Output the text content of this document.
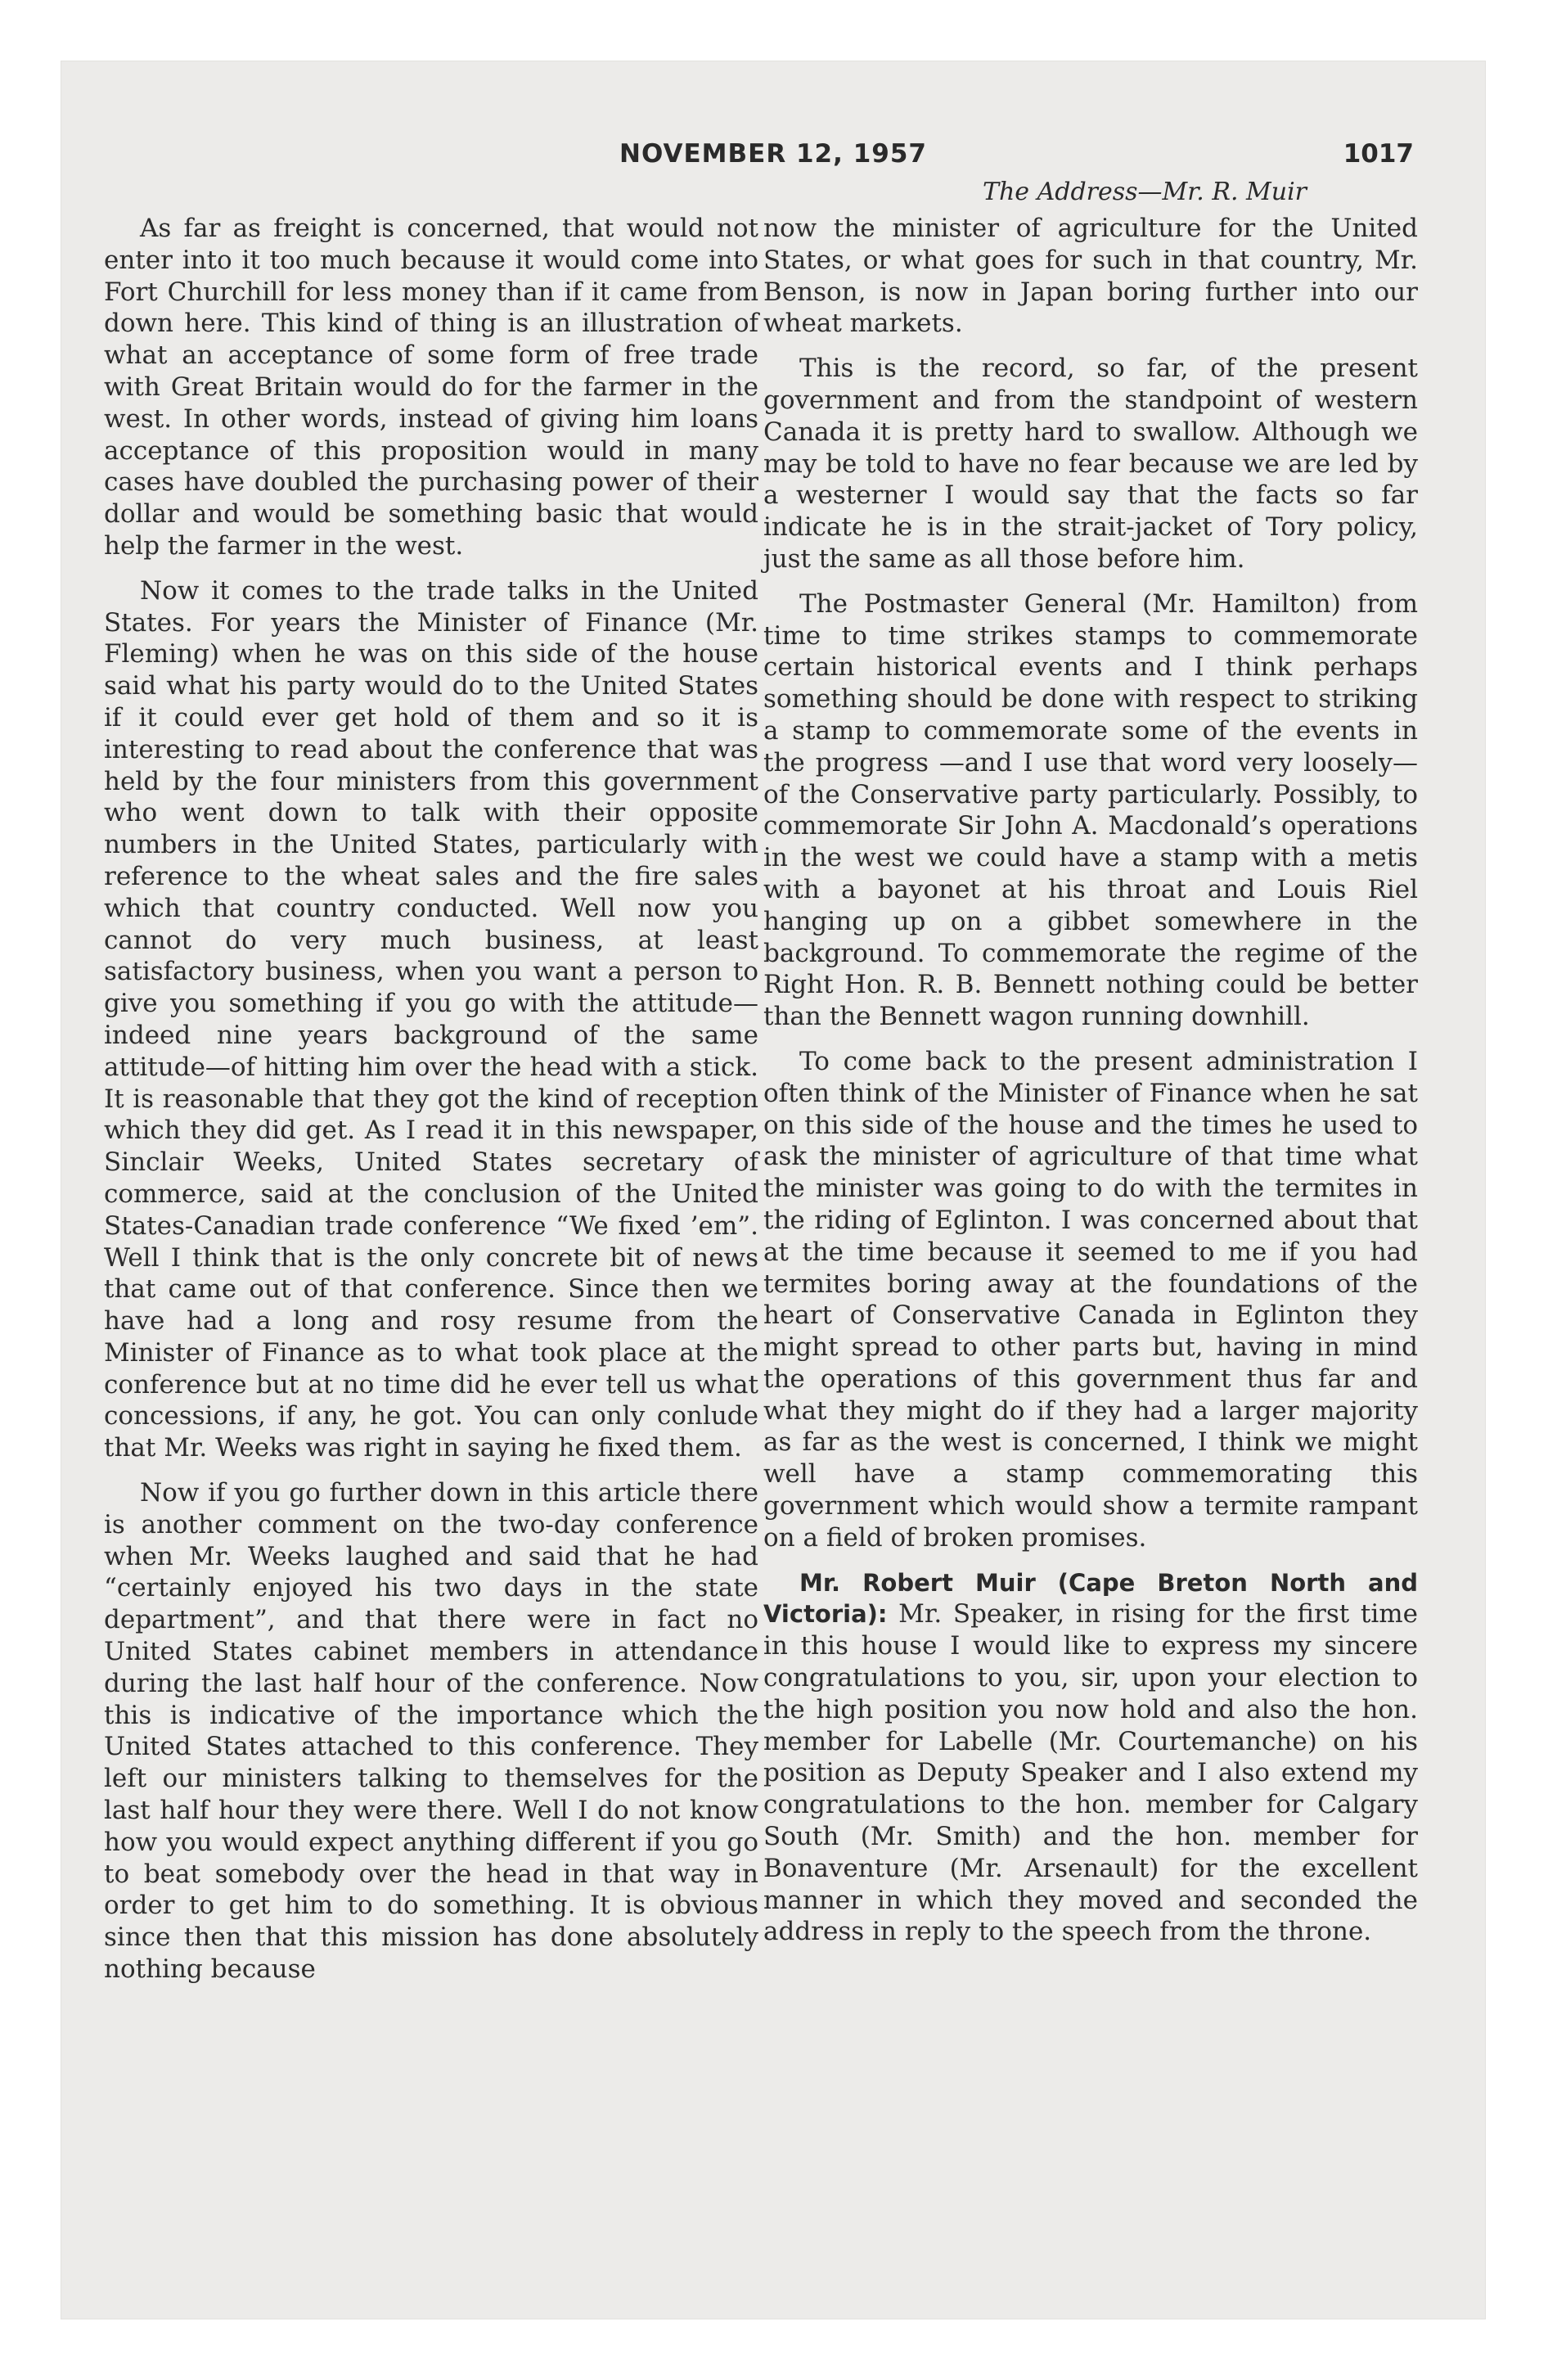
NOVEMBER 12, 1957	1017
The Address—Mr. R. Muir

As far as freight is concerned, that would not enter into it too much because it would come into Fort Churchill for less money than if it came from down here. This kind of thing is an illustration of what an acceptance of some form of free trade with Great Britain would do for the farmer in the west. In other words, instead of giving him loans acceptance of this proposition would in many cases have doubled the purchasing power of their dollar and would be something basic that would help the farmer in the west.

Now it comes to the trade talks in the United States. For years the Minister of Finance (Mr. Fleming) when he was on this side of the house said what his party would do to the United States if it could ever get hold of them and so it is interesting to read about the conference that was held by the four ministers from this government who went down to talk with their opposite numbers in the United States, particularly with reference to the wheat sales and the fire sales which that country conducted. Well now you cannot do very much business, at least satisfactory business, when you want a person to give you something if you go with the attitude—indeed nine years background of the same attitude—of hitting him over the head with a stick. It is reasonable that they got the kind of reception which they did get. As I read it in this newspaper, Sinclair Weeks, United States secretary of commerce, said at the conclusion of the United States-Canadian trade conference “We fixed ’em”. Well I think that is the only concrete bit of news that came out of that conference. Since then we have had a long and rosy resume from the Minister of Finance as to what took place at the conference but at no time did he ever tell us what concessions, if any, he got. You can only conlude that Mr. Weeks was right in saying he fixed them.

Now if you go further down in this article there is another comment on the two-day conference when Mr. Weeks laughed and said that he had “certainly enjoyed his two days in the state department”, and that there were in fact no United States cabinet members in attendance during the last half hour of the conference. Now this is indicative of the importance which the United States attached to this conference. They left our ministers talking to themselves for the last half hour they were there. Well I do not know how you would expect anything different if you go to beat somebody over the head in that way in order to get him to do something. It is obvious since then that this mission has done absolutely nothing because

now the minister of agriculture for the United States, or what goes for such in that country, Mr. Benson, is now in Japan boring further into our wheat markets.

This is the record, so far, of the present government and from the standpoint of western Canada it is pretty hard to swallow. Although we may be told to have no fear because we are led by a westerner I would say that the facts so far indicate he is in the strait-jacket of Tory policy, just the same as all those before him.

The Postmaster General (Mr. Hamilton) from time to time strikes stamps to commemorate certain historical events and I think perhaps something should be done with respect to striking a stamp to commemorate some of the events in the progress —and I use that word very loosely—of the Conservative party particularly. Possibly, to commemorate Sir John A. Macdonald’s operations in the west we could have a stamp with a metis with a bayonet at his throat and Louis Riel hanging up on a gibbet somewhere in the background. To commemorate the regime of the Right Hon. R. B. Bennett nothing could be better than the Bennett wagon running downhill.

To come back to the present administration I often think of the Minister of Finance when he sat on this side of the house and the times he used to ask the minister of agriculture of that time what the minister was going to do with the termites in the riding of Eglinton. I was concerned about that at the time because it seemed to me if you had termites boring away at the foundations of the heart of Conservative Canada in Eglinton they might spread to other parts but, having in mind the operations of this government thus far and what they might do if they had a larger majority as far as the west is concerned, I think we might well have a stamp commemorating this government which would show a termite rampant on a field of broken promises.

Mr. Robert Muir (Cape Breton North and Victoria): Mr. Speaker, in rising for the first time in this house I would like to express my sincere congratulations to you, sir, upon your election to the high position you now hold and also the hon. member for Labelle (Mr. Courtemanche) on his position as Deputy Speaker and I also extend my congratulations to the hon. member for Calgary South (Mr. Smith) and the hon. member for Bonaventure (Mr. Arsenault) for the excellent manner in which they moved and seconded the address in reply to the speech from the throne.
